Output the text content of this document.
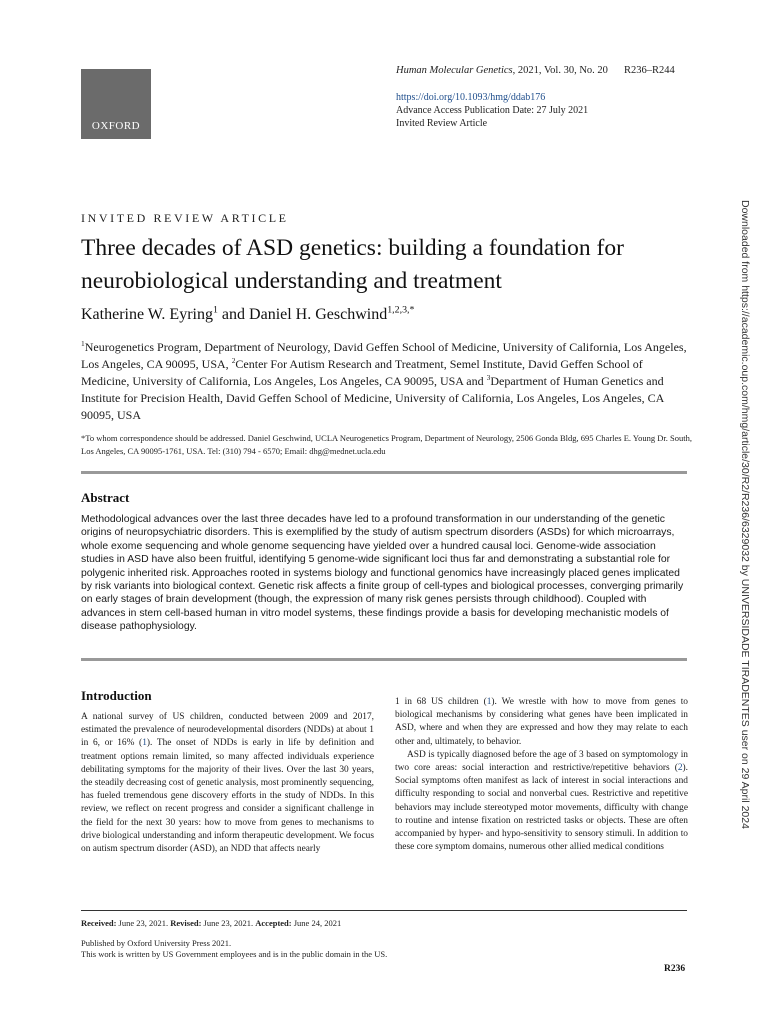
OXFORD
Human Molecular Genetics, 2021, Vol. 30, No. 20 R236–R244
https://doi.org/10.1093/hmg/ddab176
Advance Access Publication Date: 27 July 2021
Invited Review Article
INVITED REVIEW ARTICLE
Three decades of ASD genetics: building a foundation for neurobiological understanding and treatment
Katherine W. Eyring$^1$ and Daniel H. Geschwind$^{1,2,3,*}$
$^1$Neurogenetics Program, Department of Neurology, David Geffen School of Medicine, University of California, Los Angeles, Los Angeles, CA 90095, USA, $^2$Center For Autism Research and Treatment, Semel Institute, David Geffen School of Medicine, University of California, Los Angeles, Los Angeles, CA 90095, USA and $^3$Department of Human Genetics and Institute for Precision Health, David Geffen School of Medicine, University of California, Los Angeles, Los Angeles, CA 90095, USA
*To whom correspondence should be addressed. Daniel Geschwind, UCLA Neurogenetics Program, Department of Neurology, 2506 Gonda Bldg, 695 Charles E. Young Dr. South, Los Angeles, CA 90095-1761, USA. Tel: (310) 794 - 6570; Email: dhg@mednet.ucla.edu
Abstract
Methodological advances over the last three decades have led to a profound transformation in our understanding of the genetic origins of neuropsychiatric disorders. This is exemplified by the study of autism spectrum disorders (ASDs) for which microarrays, whole exome sequencing and whole genome sequencing have yielded over a hundred causal loci. Genome-wide association studies in ASD have also been fruitful, identifying 5 genome-wide significant loci thus far and demonstrating a substantial role for polygenic inherited risk. Approaches rooted in systems biology and functional genomics have increasingly placed genes implicated by risk variants into biological context. Genetic risk affects a finite group of cell-types and biological processes, converging primarily on early stages of brain development (though, the expression of many risk genes persists through childhood). Coupled with advances in stem cell-based human in vitro model systems, these findings provide a basis for developing mechanistic models of disease pathophysiology.
Introduction

A national survey of US children, conducted between 2009 and 2017, estimated the prevalence of neurodevelopmental disorders (NDDs) at about 1 in 6, or 16% (1). The onset of NDDs is early in life by definition and treatment options remain limited, so many affected individuals experience debilitating symptoms for the majority of their lives. Over the last 30 years, the steadily decreasing cost of genetic analysis, most prominently sequencing, has fueled tremendous gene discovery efforts in the study of NDDs. In this review, we reflect on recent progress and consider a significant challenge in the field for the next 30 years: how to move from genes to mechanisms to drive biological understanding and inform therapeutic development. We focus on autism spectrum disorder (ASD), an NDD that affects nearly

1 in 68 US children (1). We wrestle with how to move from genes to biological mechanisms by considering what genes have been implicated in ASD, where and when they are expressed and how they may relate to each other and, ultimately, to behavior.

ASD is typically diagnosed before the age of 3 based on symptomology in two core areas: social interaction and restrictive/repetitive behaviors (2). Social symptoms often manifest as lack of interest in social interactions and difficulty responding to social and nonverbal cues. Restrictive and repetitive behaviors may include stereotyped motor movements, difficulty with change to routine and intense fixation on restricted tasks or objects. These are often accompanied by hyper- and hypo-sensitivity to sensory stimuli. In addition to these core symptom domains, numerous other allied medical conditions

Received: June 23, 2021. Revised: June 23, 2021. Accepted: June 24, 2021
Published by Oxford University Press 2021.
This work is written by US Government employees and is in the public domain in the US.
R236
Downloaded from https://academic.oup.com/hmg/article/30/R2/R236/6329032 by UNIVERSIDADE TIRADENTES user on 29 April 2024
